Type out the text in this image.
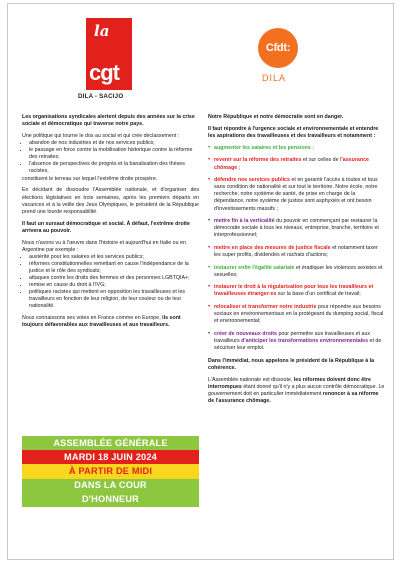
la
cgt
DILA - SACIJO
Cfdt:
DILA

Les organisations syndicales alertent depuis des années sur la crise sociale et démocratique qui traverse notre pays.

Une politique qui tourne le dos au social et qui crée déclassement :

• abandon de nos industries et de nos services publics;
• le passage en force contre la mobilisation historique contre la réforme des retraites;
• l'absence de perspectives de progrès et la banalisation des thèses racistes,

constituent le terreau sur lequel l'extrême droite prospère.

En décidant de dissoudre l'Assemblée nationale, et d'organiser des élections législatives en trois semaines, après les premiers départs en vacances et à la veille des Jeux Olympiques, le président de la République prend une lourde responsabilité.

Il faut un sursaut démocratique et social. À défaut, l'extrême droite arrivera au pouvoir.

Nous n'avons vu à l'œuvre dans l'histoire et aujourd'hui en Italie ou en Argentine par exemple :

• austérité pour les salaires et les services publics;
• réformes constitutionnelles remettant en cause l'indépendance de la justice et le rôle des syndicats;
• attaques contre les droits des femmes et des personnes LGBTQIA+;
• remise en cause du droit à l'IVG;
• politiques racistes qui mettent en opposition les travailleuses et les travailleurs en fonction de leur religion, de leur couleur ou de leur nationalité.

Nous connaissons ses votes en France comme en Europe, ils sont toujours défavorables aux travailleuses et aux travailleurs.

ASSEMBLÉE GÉNÉRALE
MARDI 18 JUIN 2024
À PARTIR DE MIDI
DANS LA COUR
D'HONNEUR

Notre République et notre démocratie sont en danger.

Il faut répondre à l'urgence sociale et environnementale et entendre les aspirations des travailleuses et des travailleurs et notamment :

• augmenter les salaires et les pensions ;
• revenir sur la réforme des retraites et sur celles de l'assurance chômage ;
• défendre nos services publics et en garantir l'accès à toutes et tous sans condition de nationalité et sur tout le territoire. Notre école, notre recherche, notre système de santé, de prise en charge de la dépendance, notre système de justice sont asphyxiés et ont besoin d'investissements massifs ;
• mettre fin à la verticalité du pouvoir en commençant par restaurer la démocratie sociale à tous les niveaux, entreprise, branche, territoire et interprofessionnel;
• mettre en place des mesures de justice fiscale et notamment taxer les super profits, dividendes et rachats d'actions;
• instaurer enfin l'égalité salariale et éradiquer les violences sexistes et sexuelles;
• instaurer le droit à la régularisation pour tous les travailleurs et travailleuses étranger·es sur la base d'un certificat de travail;
• relocaliser et transformer notre industrie pour répondre aux besoins sociaux en environnementaux en la protégeant du dumping social, fiscal et environnemental;
• créer de nouveaux droits pour permettre aux travailleuses et aux travailleurs d'anticiper les transformations environnementales et de sécuriser leur emploi.

Dans l'immédiat, nous appelons le président de la République à la cohérence.

L'Assemblée nationale est dissoute, les réformes doivent donc être interrompues étant donné qu'il n'y a plus aucun contrôle démocratique. Le gouvernement doit en particulier immédiatement renoncer à sa réforme de l'assurance chômage.
